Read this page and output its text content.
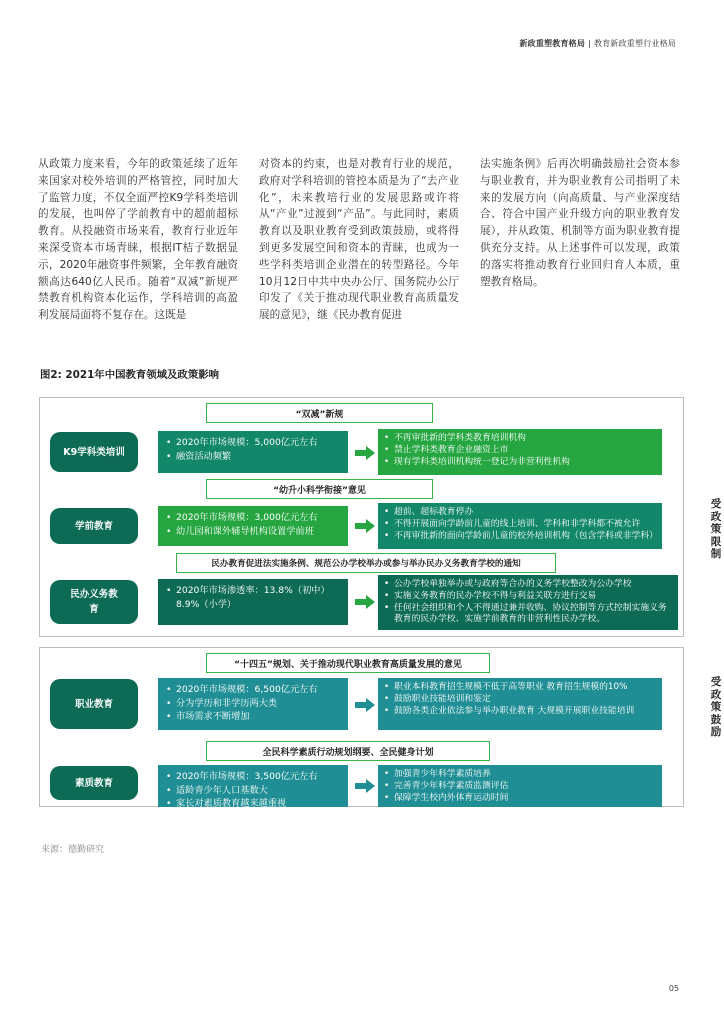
新政重塑教育格局 | 教育新政重塑行业格局

从政策力度来看，今年的政策延续了近年来国家对校外培训的严格管控，同时加大了监管力度，不仅全面严控K9学科类培训的发展，也叫停了学前教育中的超前超标教育。从投融资市场来看，教育行业近年来深受资本市场青睐，根据IT桔子数据显示，2020年融资事件频繁，全年教育融资额高达640亿人民币。随着“双减”新规严禁教育机构资本化运作，学科培训的高盈利发展局面将不复存在。这既是

对资本的约束，也是对教育行业的规范，政府对学科培训的管控本质是为了“去产业化”，未来教培行业的发展思路或许将从“产业”过渡到“产品”。与此同时，素质教育以及职业教育受到政策鼓励，或将得到更多发展空间和资本的青睐，也成为一些学科类培训企业潜在的转型路径。今年10月12日中共中央办公厅、国务院办公厅印发了《关于推动现代职业教育高质量发展的意见》，继《民办教育促进

法实施条例》后再次明确鼓励社会资本参与职业教育，并为职业教育公司指明了未来的发展方向（向高质量、与产业深度结合、符合中国产业升级方向的职业教育发展），并从政策、机制等方面为职业教育提供充分支持。从上述事件可以发现，政策的落实将推动教育行业回归育人本质，重塑教育格局。

图2: 2021年中国教育领域及政策影响
“双减”新规
K9学科类培训
• 2020年市场规模：5,000亿元左右
• 融资活动频繁
• 不再审批新的学科类教育培训机构
• 禁止学科类教育企业融资上市
• 现有学科类培训机构统一登记为非营利性机构
“幼升小科学衔接”意见
学前教育
• 2020年市场规模：3,000亿元左右
• 幼儿园和课外辅导机构设置学前班
• 超前、超标教育停办
• 不得开展面向学龄前儿童的线上培训、学科和非学科都不被允许
• 不再审批新的面向学龄前儿童的校外培训机构（包含学科或非学科）
民办教育促进法实施条例、规范公办学校举办或参与举办民办义务教育学校的通知
民办义务教育
• 2020年市场渗透率：13.8%（初中）8.9%（小学）
• 公办学校单独举办或与政府等合办的义务学校整改为公办学校
• 实施义务教育的民办学校不得与利益关联方进行交易
• 任何社会组织和个人不得通过兼并收购、协议控制等方式控制实施义务教育的民办学校、实施学前教育的非营利性民办学校。
受政策限制
“十四五”规划、关于推动现代职业教育高质量发展的意见
职业教育
• 2020年市场规模：6,500亿元左右
• 分为学历和非学历两大类
• 市场需求不断增加
• 职业本科教育招生规模不低于高等职业 教育招生规模的10%
• 鼓励职业技能培训和鉴定
• 鼓励各类企业依法参与举办职业教育 大规模开展职业技能培训
全民科学素质行动规划纲要、全民健身计划
素质教育
• 2020年市场规模：3,500亿元左右
• 适龄青少年人口基数大
• 家长对素质教育越来越重视
• 加强青少年科学素质培养
• 完善青少年科学素质监测评估
• 保障学生校内外体育运动时间
受政策鼓励
来源：德勤研究
05
